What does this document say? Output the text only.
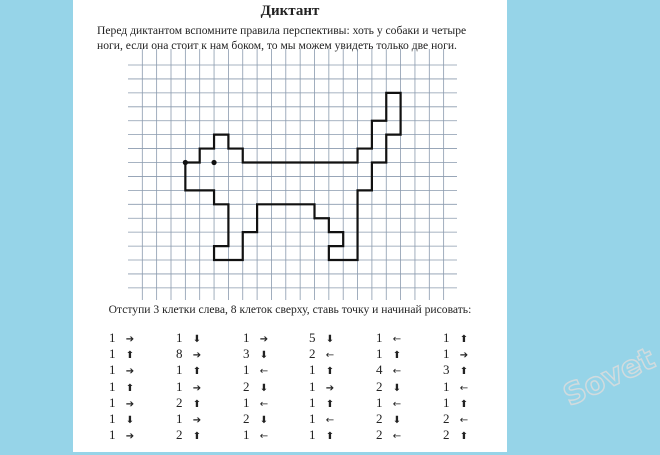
Диктант
Перед диктантом вспомните правила перспективы: хоть у собаки и четыре
ноги, если она стоит к нам боком, то мы можем увидеть только две ноги.
Отступи 3 клетки слева, 8 клеток сверху, ставь точку и начинай рисовать:
1 ➔
1 ⬆
1 ➔
1 ⬆
1 ➔
1 ⬇
1 ➔
1 ⬇
8 ➔
1 ⬆
1 ➔
2 ⬆
1 ➔
2 ⬆
1 ➔
3 ⬇
1 ←
2 ⬇
1 ←
2 ⬇
1 ←
5 ⬇
2 ←
1 ⬆
1 ➔
1 ⬆
1 ←
1 ⬆
1 ←
1 ⬆
4 ←
2 ⬇
1 ←
2 ⬇
2 ←
1 ⬆
1 ➔
3 ⬆
1 ←
1 ⬆
2 ←
2 ⬆
Sovet
